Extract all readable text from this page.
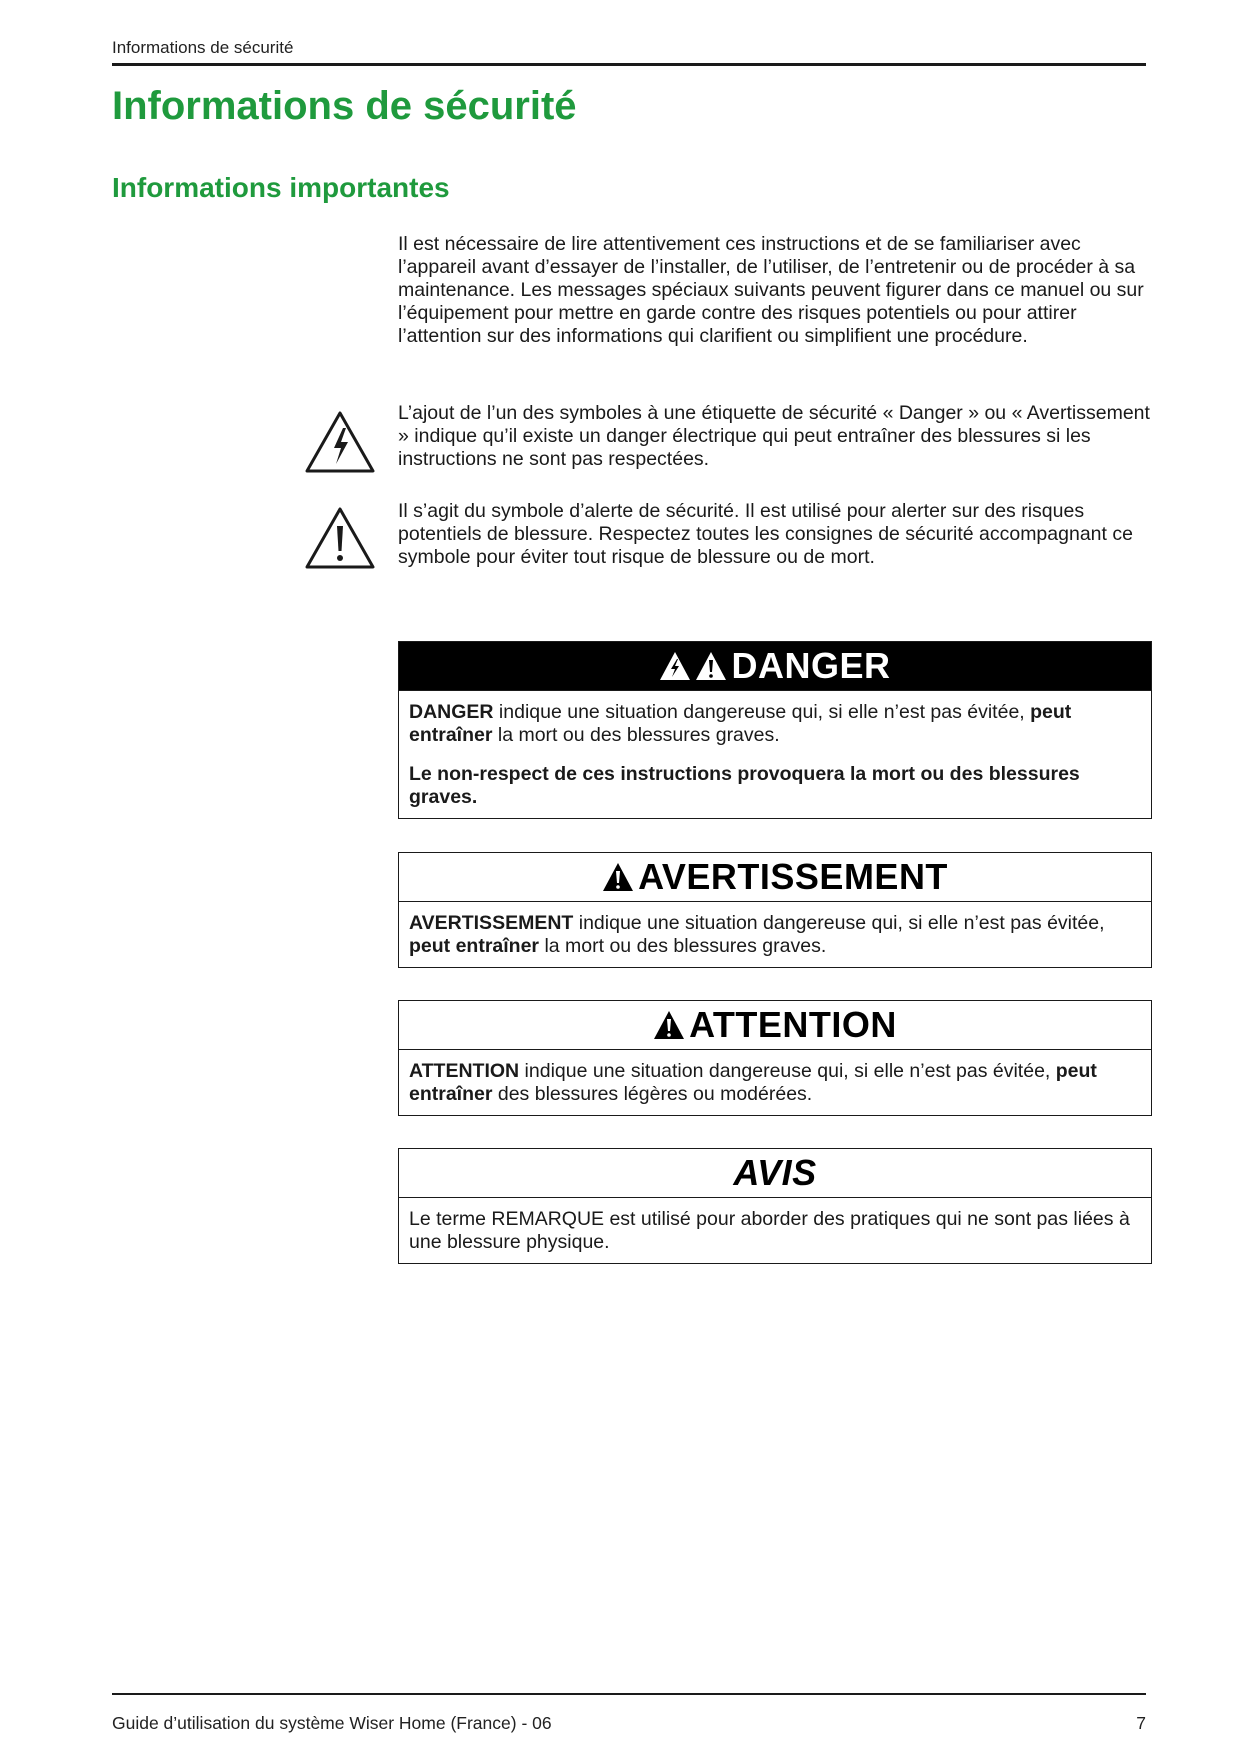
Informations de sécurité
Informations de sécurité
Informations importantes

Il est nécessaire de lire attentivement ces instructions et de se familiariser avec l’appareil avant d’essayer de l’installer, de l’utiliser, de l’entretenir ou de procéder à sa maintenance. Les messages spéciaux suivants peuvent figurer dans ce manuel ou sur l’équipement pour mettre en garde contre des risques potentiels ou pour attirer l’attention sur des informations qui clarifient ou simplifient une procédure.

L’ajout de l’un des symboles à une étiquette de sécurité « Danger » ou « Avertissement » indique qu’il existe un danger électrique qui peut entraîner des blessures si les instructions ne sont pas respectées.

Il s’agit du symbole d’alerte de sécurité. Il est utilisé pour alerter sur des risques potentiels de blessure. Respectez toutes les consignes de sécurité accompagnant ce symbole pour éviter tout risque de blessure ou de mort.

DANGER

DANGER indique une situation dangereuse qui, si elle n’est pas évitée, peut entraîner la mort ou des blessures graves.

Le non-respect de ces instructions provoquera la mort ou des blessures graves.

AVERTISSEMENT

AVERTISSEMENT indique une situation dangereuse qui, si elle n’est pas évitée, peut entraîner la mort ou des blessures graves.

ATTENTION

ATTENTION indique une situation dangereuse qui, si elle n’est pas évitée, peut entraîner des blessures légères ou modérées.

AVIS

Le terme REMARQUE est utilisé pour aborder des pratiques qui ne sont pas liées à une blessure physique.

Guide d’utilisation du système Wiser Home (France) - 06	7
